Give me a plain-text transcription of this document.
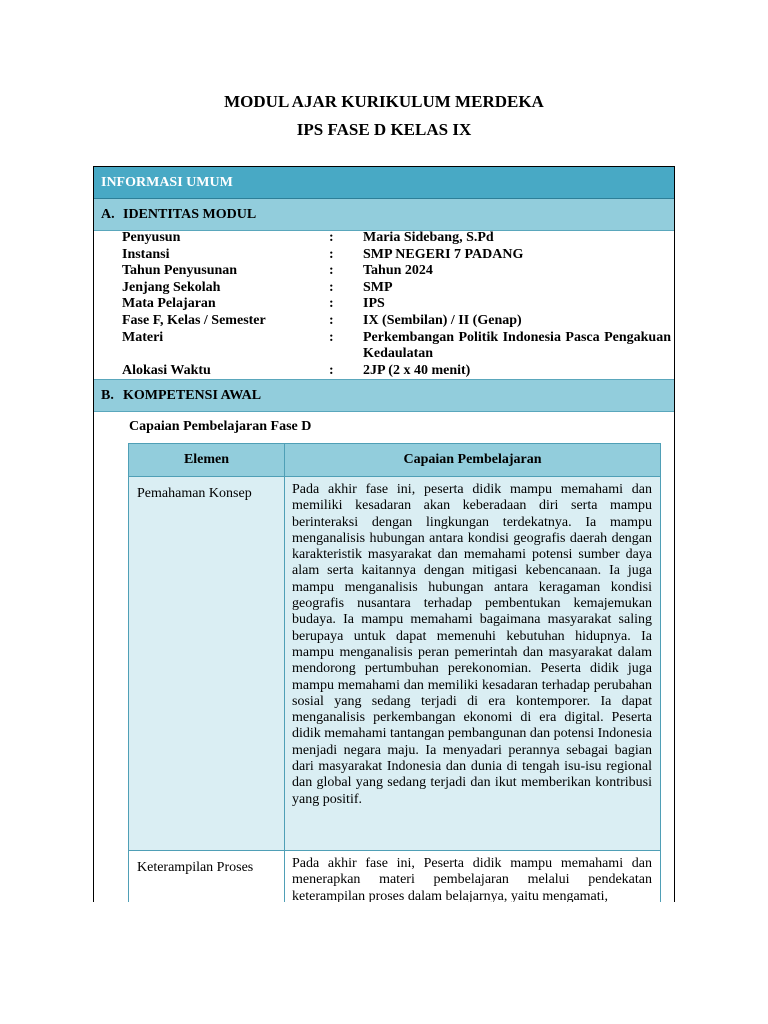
MODUL AJAR KURIKULUM MERDEKA
IPS FASE D KELAS IX
INFORMASI UMUM
A. IDENTITAS MODUL
Penyusun	:	Maria Sidebang, S.Pd
Instansi	:	SMP NEGERI 7 PADANG
Tahun Penyusunan	:	Tahun 2024
Jenjang Sekolah	:	SMP
Mata Pelajaran	:	IPS
Fase F, Kelas / Semester	:	IX (Sembilan) / II (Genap)
Materi	:	Perkembangan Politik Indonesia Pasca Pengakuan Kedaulatan
Alokasi Waktu	:	2JP (2 x 40 menit)
B. KOMPETENSI AWAL
Capaian Pembelajaran Fase D
Elemen	Capaian Pembelajaran
Pemahaman Konsep	Pada akhir fase ini, peserta didik mampu memahami dan memiliki kesadaran akan keberadaan diri serta mampu berinteraksi dengan lingkungan terdekatnya. Ia mampu menganalisis hubungan antara kondisi geografis daerah dengan karakteristik masyarakat dan memahami potensi sumber daya alam serta kaitannya dengan mitigasi kebencanaan. Ia juga mampu menganalisis hubungan antara keragaman kondisi geografis nusantara terhadap pembentukan kemajemukan budaya. Ia mampu memahami bagaimana masyarakat saling berupaya untuk dapat memenuhi kebutuhan hidupnya. Ia mampu menganalisis peran pemerintah dan masyarakat dalam mendorong pertumbuhan perekonomian. Peserta didik juga mampu memahami dan memiliki kesadaran terhadap perubahan sosial yang sedang terjadi di era kontemporer. Ia dapat menganalisis perkembangan ekonomi di era digital. Peserta didik memahami tantangan pembangunan dan potensi Indonesia menjadi negara maju. Ia menyadari perannya sebagai bagian dari masyarakat Indonesia dan dunia di tengah isu-isu regional dan global yang sedang terjadi dan ikut memberikan kontribusi yang positif.
Keterampilan Proses	Pada akhir fase ini, Peserta didik mampu memahami dan menerapkan materi pembelajaran melalui pendekatan keterampilan proses dalam belajarnya, yaitu mengamati,
